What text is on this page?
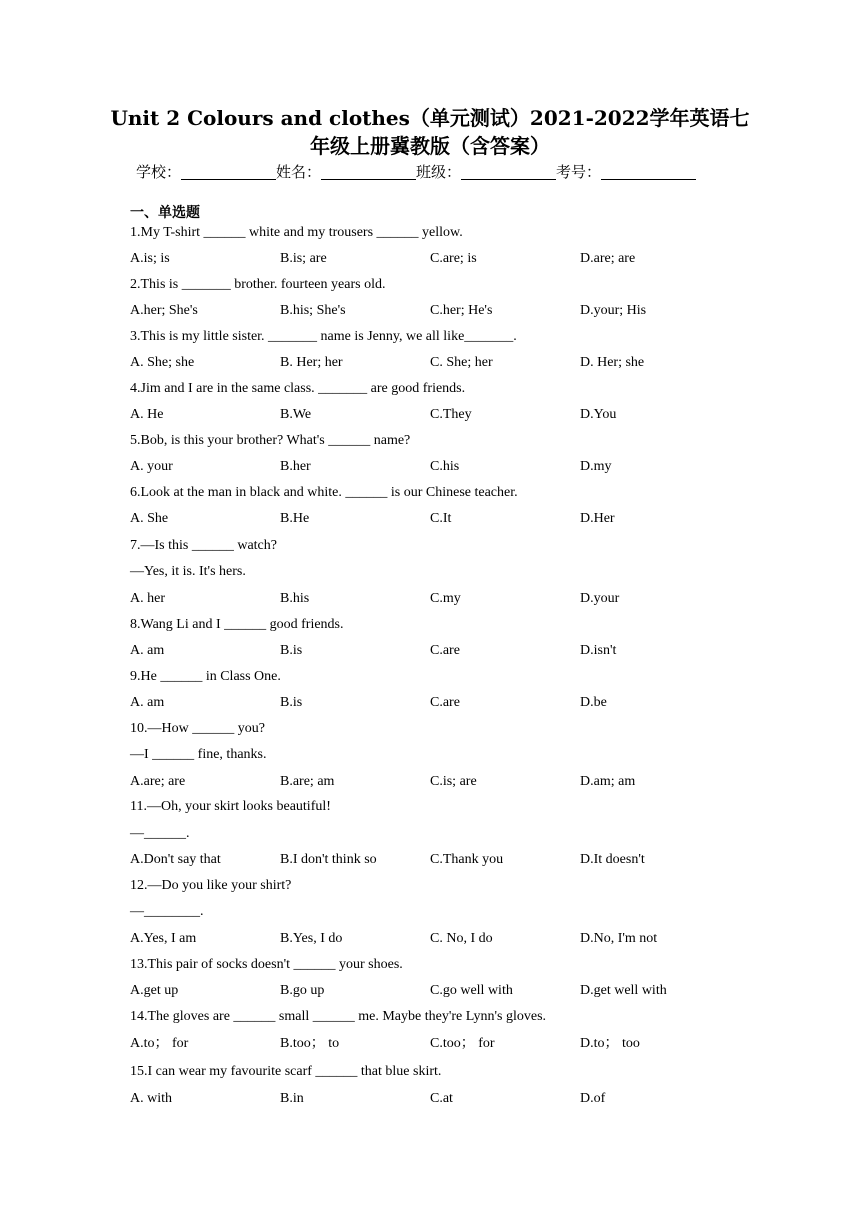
Unit 2 Colours and clothes（单元测试）2021-2022学年英语七
年级上册冀教版（含答案）
学校：	姓名：	班级：	考号：
一、单选题
1.My T-shirt ______ white and my trousers ______ yellow.
A.is; is	B.is; are	C.are; is	D.are; are
2.This is _______ brother. fourteen years old.
A.her; She's	B.his; She's	C.her; He's	D.your; His
3.This is my little sister. _______ name is Jenny, we all like_______.
A. She; she	B. Her; her	C. She; her	D. Her; she
4.Jim and I are in the same class. _______ are good friends.
A. He	B.We	C.They	D.You
5.Bob, is this your brother? What's ______ name?
A. your	B.her	C.his	D.my
6.Look at the man in black and white. ______ is our Chinese teacher.
A. She	B.He	C.It	D.Her
7.—Is this ______ watch?
—Yes, it is. It's hers.
A. her	B.his	C.my	D.your
8.Wang Li and I ______ good friends.
A. am	B.is	C.are	D.isn't
9.He ______ in Class One.
A. am	B.is	C.are	D.be
10.—How ______ you?
—I ______ fine, thanks.
A.are; are	B.are; am	C.is; are	D.am; am
11.—Oh, your skirt looks beautiful!
—______.
A.Don't say that	B.I don't think so	C.Thank you	D.It doesn't
12.—Do you like your shirt?
—________.
A.Yes, I am	B.Yes, I do	C. No, I do	D.No, I'm not
13.This pair of socks doesn't ______ your shoes.
A.get up	B.go up	C.go well with	D.get well with
14.The gloves are ______ small ______ me. Maybe they're Lynn's gloves.
A.to； for	B.too； to	C.too； for	D.to； too
15.I can wear my favourite scarf ______ that blue skirt.
A. with	B.in	C.at	D.of
